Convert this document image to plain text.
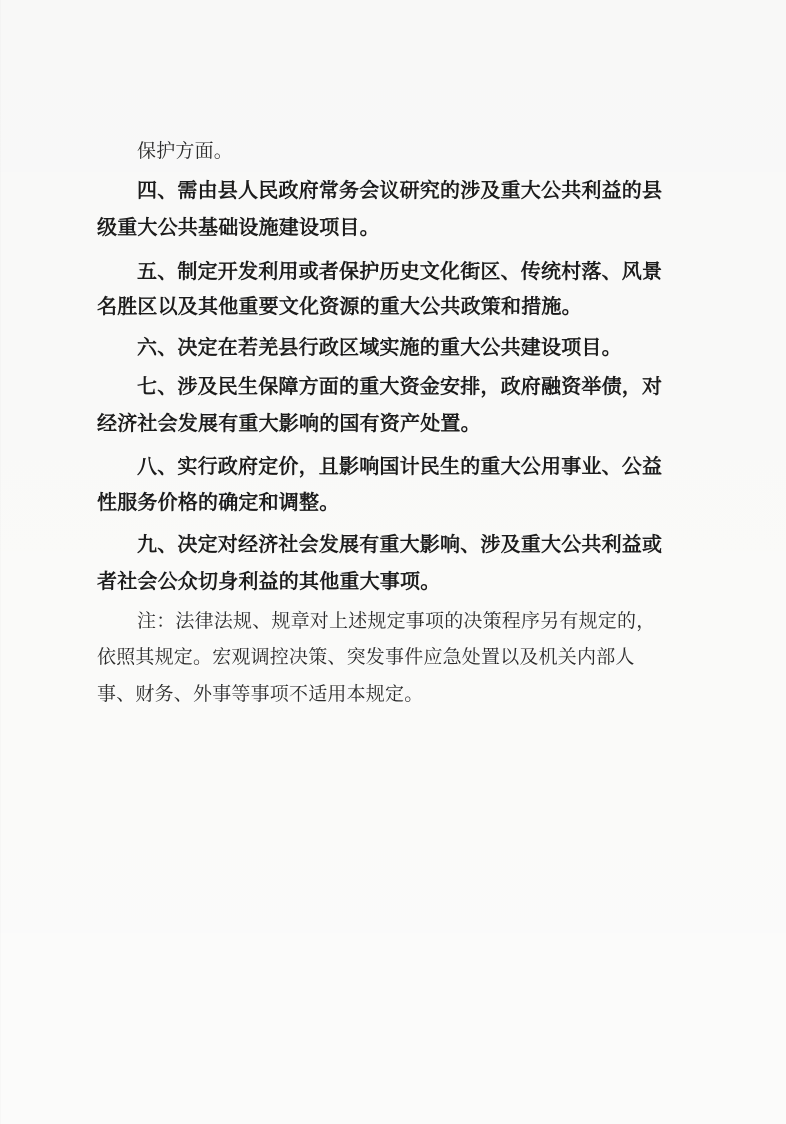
保护方面。
四、需由县人民政府常务会议研究的涉及重大公共利益的县
级重大公共基础设施建设项目。
五、制定开发利用或者保护历史文化街区、传统村落、风景
名胜区以及其他重要文化资源的重大公共政策和措施。
六、决定在若羌县行政区域实施的重大公共建设项目。
七、涉及民生保障方面的重大资金安排，政府融资举债，对
经济社会发展有重大影响的国有资产处置。
八、实行政府定价，且影响国计民生的重大公用事业、公益
性服务价格的确定和调整。
九、决定对经济社会发展有重大影响、涉及重大公共利益或
者社会公众切身利益的其他重大事项。
注：法律法规、规章对上述规定事项的决策程序另有规定的，
依照其规定。宏观调控决策、突发事件应急处置以及机关内部人
事、财务、外事等事项不适用本规定。
